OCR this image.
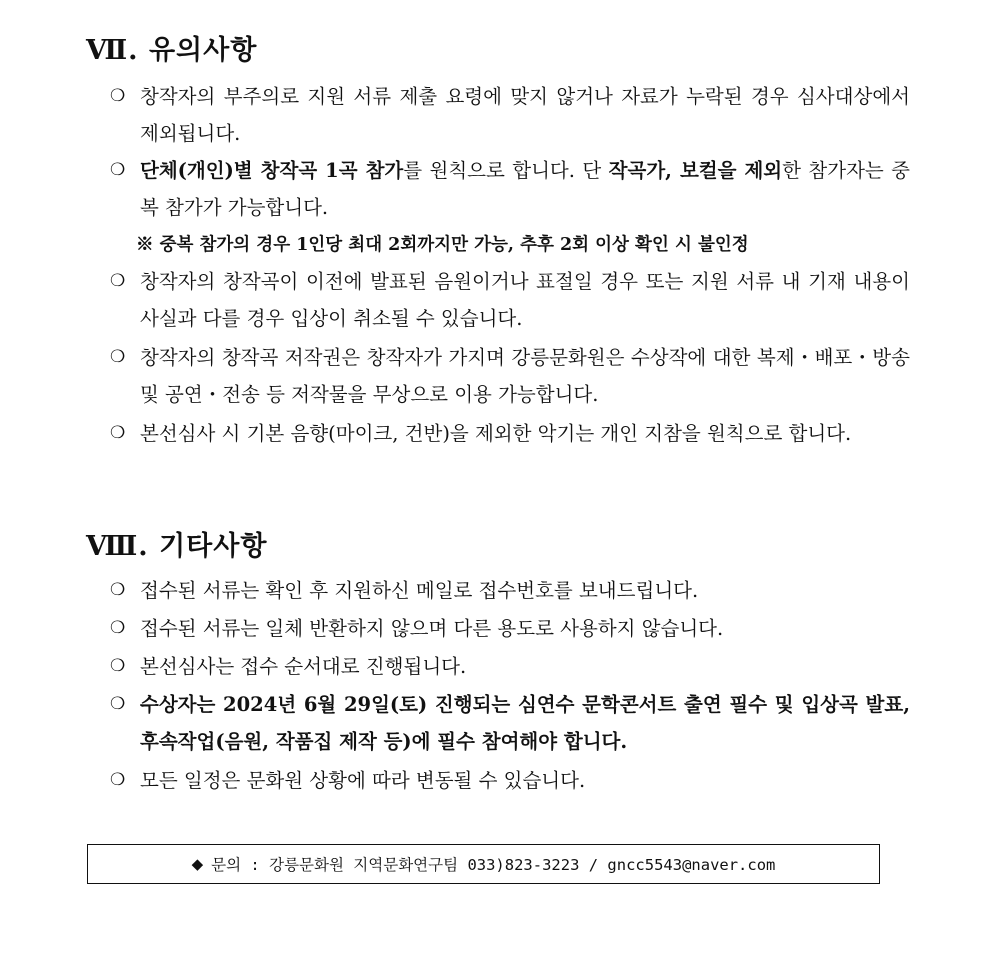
Ⅶ. 유의사항
❍ 창작자의 부주의로 지원 서류 제출 요령에 맞지 않거나 자료가 누락된 경우 심사대상에서 제외됩니다.
❍ 단체(개인)별 창작곡 1곡 참가를 원칙으로 합니다. 단 작곡가, 보컬을 제외한 참가자는 중복 참가가 가능합니다.
※ 중복 참가의 경우 1인당 최대 2회까지만 가능, 추후 2회 이상 확인 시 불인정
❍ 창작자의 창작곡이 이전에 발표된 음원이거나 표절일 경우 또는 지원 서류 내 기재 내용이 사실과 다를 경우 입상이 취소될 수 있습니다.
❍ 창작자의 창작곡 저작권은 창작자가 가지며 강릉문화원은 수상작에 대한 복제・배포・방송 및 공연・전송 등 저작물을 무상으로 이용 가능합니다.
❍ 본선심사 시 기본 음향(마이크, 건반)을 제외한 악기는 개인 지참을 원칙으로 합니다.
Ⅷ. 기타사항
❍ 접수된 서류는 확인 후 지원하신 메일로 접수번호를 보내드립니다.
❍ 접수된 서류는 일체 반환하지 않으며 다른 용도로 사용하지 않습니다.
❍ 본선심사는 접수 순서대로 진행됩니다.
❍ 수상자는 2024년 6월 29일(토) 진행되는 심연수 문학콘서트 출연 필수 및 입상곡 발표, 후속작업(음원, 작품집 제작 등)에 필수 참여해야 합니다.
❍ 모든 일정은 문화원 상황에 따라 변동될 수 있습니다.
◆ 문의 : 강릉문화원 지역문화연구팀 033)823-3223 / gncc5543@naver.com
